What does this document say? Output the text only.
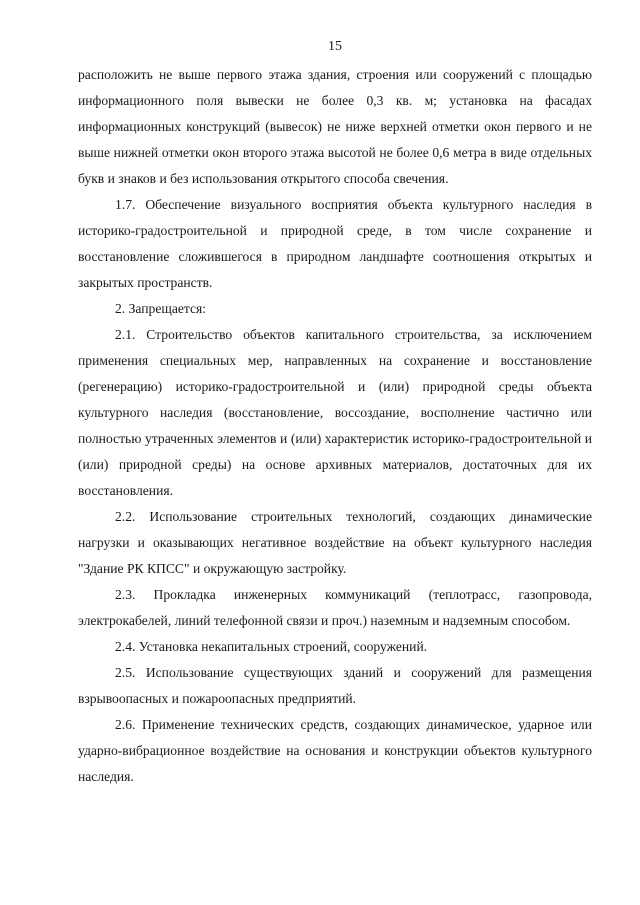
15

расположить не выше первого этажа здания, строения или сооружений с площадью информационного поля вывески не более 0,3 кв. м; установка на фасадах информационных конструкций (вывесок) не ниже верхней отметки окон первого и не выше нижней отметки окон второго этажа высотой не более 0,6 метра в виде отдельных букв и знаков и без использования открытого способа свечения.

1.7. Обеспечение визуального восприятия объекта культурного наследия в историко-градостроительной и природной среде, в том числе сохранение и восстановление сложившегося в природном ландшафте соотношения открытых и закрытых пространств.

2. Запрещается:

2.1. Строительство объектов капитального строительства, за исключением применения специальных мер, направленных на сохранение и восстановление (регенерацию) историко-градостроительной и (или) природной среды объекта культурного наследия (восстановление, воссоздание, восполнение частично или полностью утраченных элементов и (или) характеристик историко-градостроительной и (или) природной среды) на основе архивных материалов, достаточных для их восстановления.

2.2. Использование строительных технологий, создающих динамические нагрузки и оказывающих негативное воздействие на объект культурного наследия "Здание РК КПСС" и окружающую застройку.

2.3. Прокладка инженерных коммуникаций (теплотрасс, газопровода, электрокабелей, линий телефонной связи и проч.) наземным и надземным способом.

2.4. Установка некапитальных строений, сооружений.

2.5. Использование существующих зданий и сооружений для размещения взрывоопасных и пожароопасных предприятий.

2.6. Применение технических средств, создающих динамическое, ударное или ударно-вибрационное воздействие на основания и конструкции объектов культурного наследия.
